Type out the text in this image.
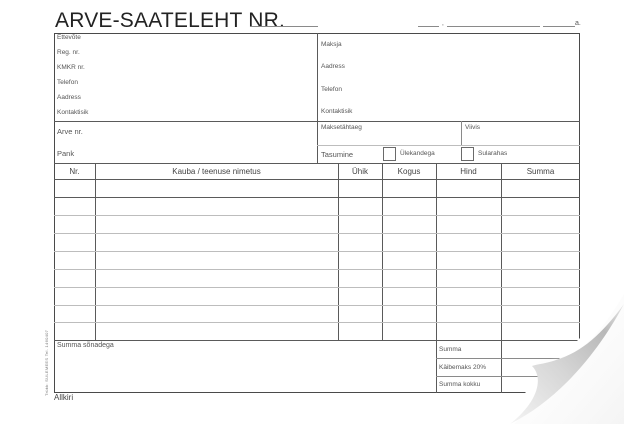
ARVE-SAATELEHT NR.	,	a.
Ettevõte
Reg. nr.
KMKR nr.
Telefon
Aadress
Kontaktisik
Maksja
Aadress
Telefon
Kontaktisik
Arve nr.
Pank
Maksetähtaeg	Viivis
Tasumine	Ülekandega	Sularahas
Nr.	Kauba / teenuse nimetus	Ühik	Kogus	Hind	Summa
Summa sõnadega
Summa
Käibemaks 20%
Summa kokku
Allkiri
Trükk: SULEMEES Tel. 1460407
